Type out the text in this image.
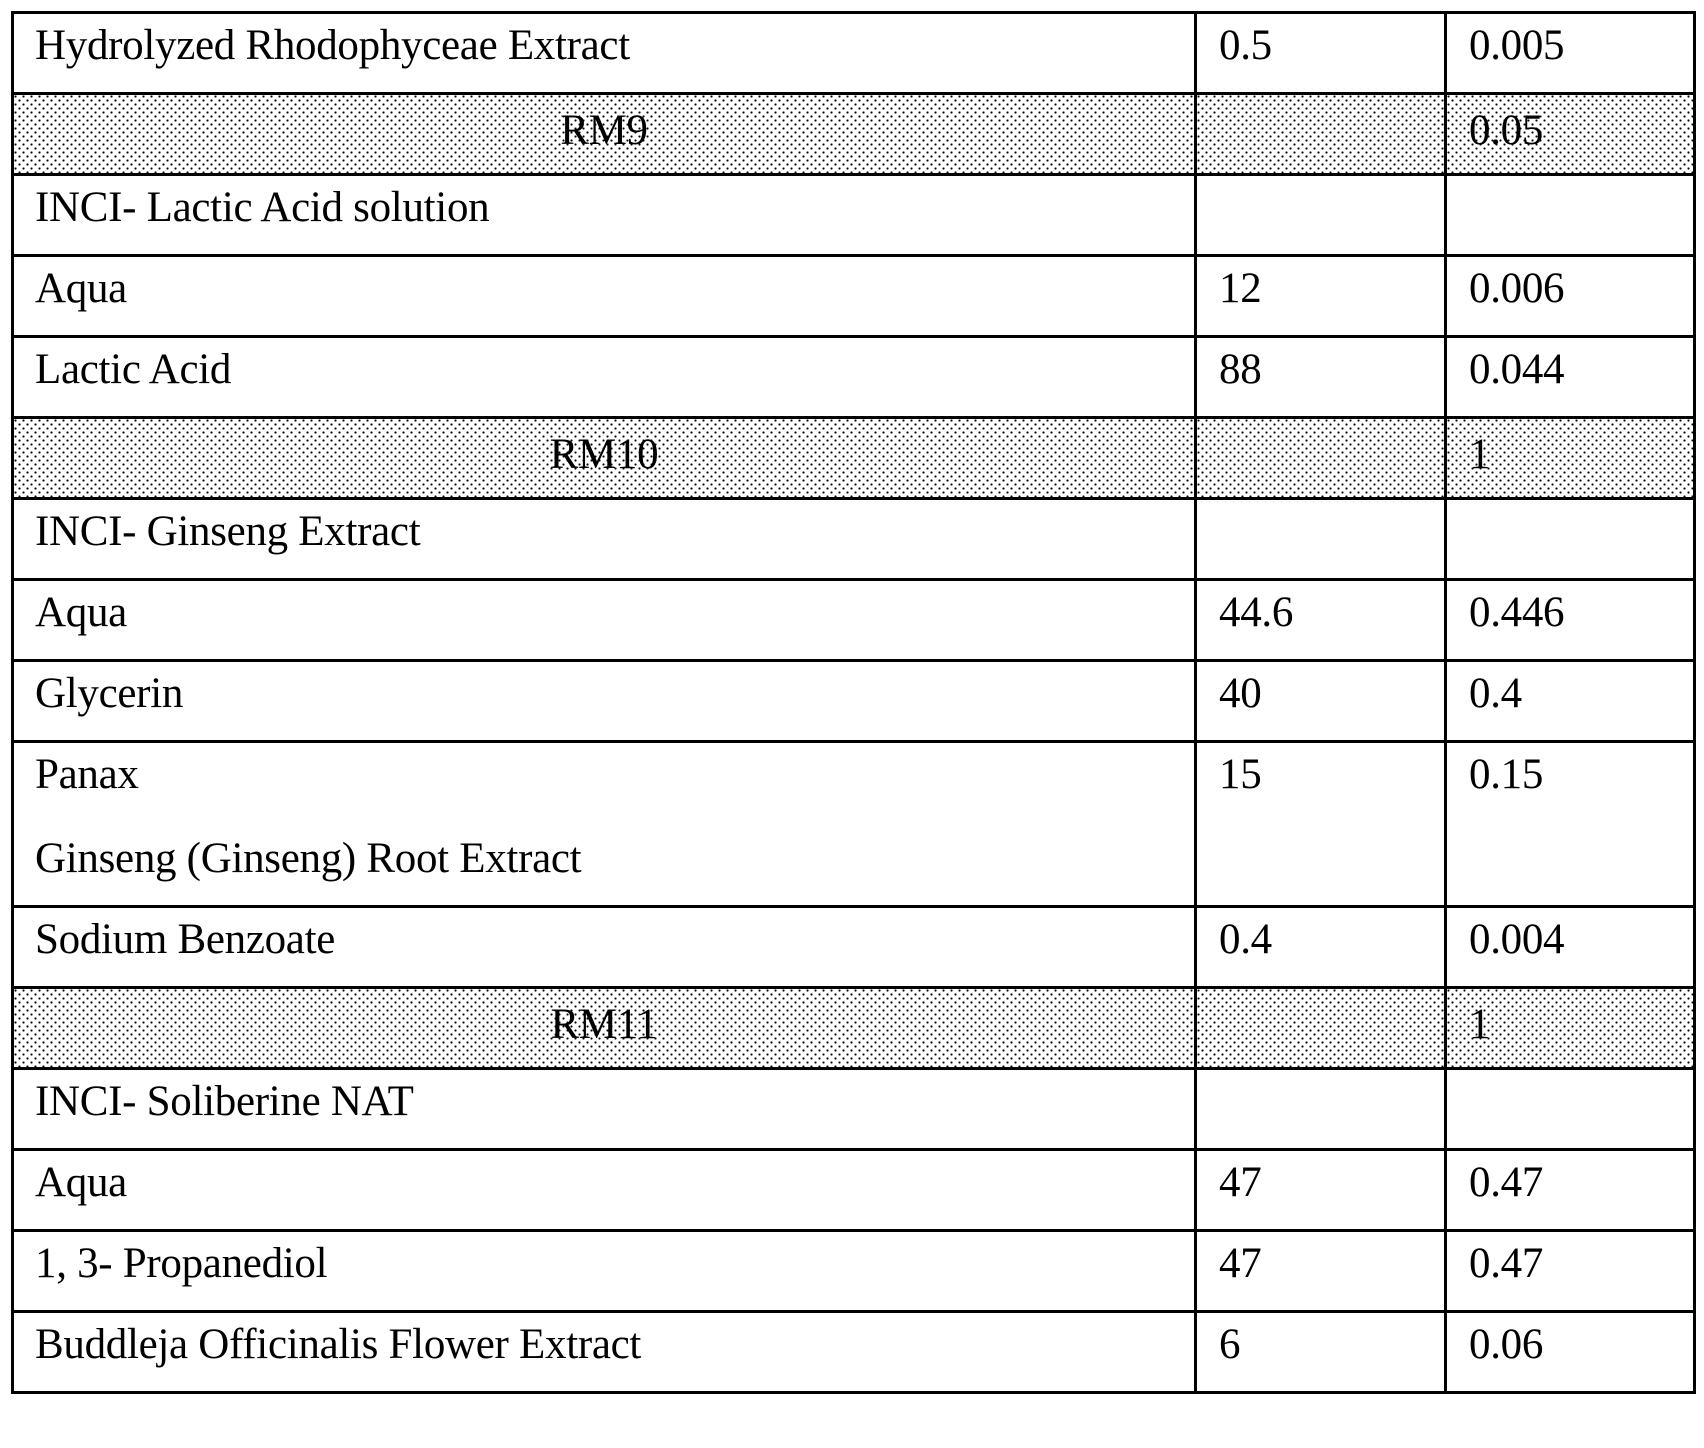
Hydrolyzed Rhodophyceae Extract	0.5	0.005

RM9		0.05

INCI- Lactic Acid solution		

Aqua	12	0.006

Lactic Acid	88	0.044

RM10		1

INCI- Ginseng Extract		

Aqua	44.6	0.446

Glycerin	40	0.4

Panax
Ginseng (Ginseng) Root Extract	15	0.15

Sodium Benzoate	0.4	0.004

RM11		1

INCI- Soliberine NAT		

Aqua	47	0.47

1, 3- Propanediol	47	0.47

Buddleja Officinalis Flower Extract	6	0.06
